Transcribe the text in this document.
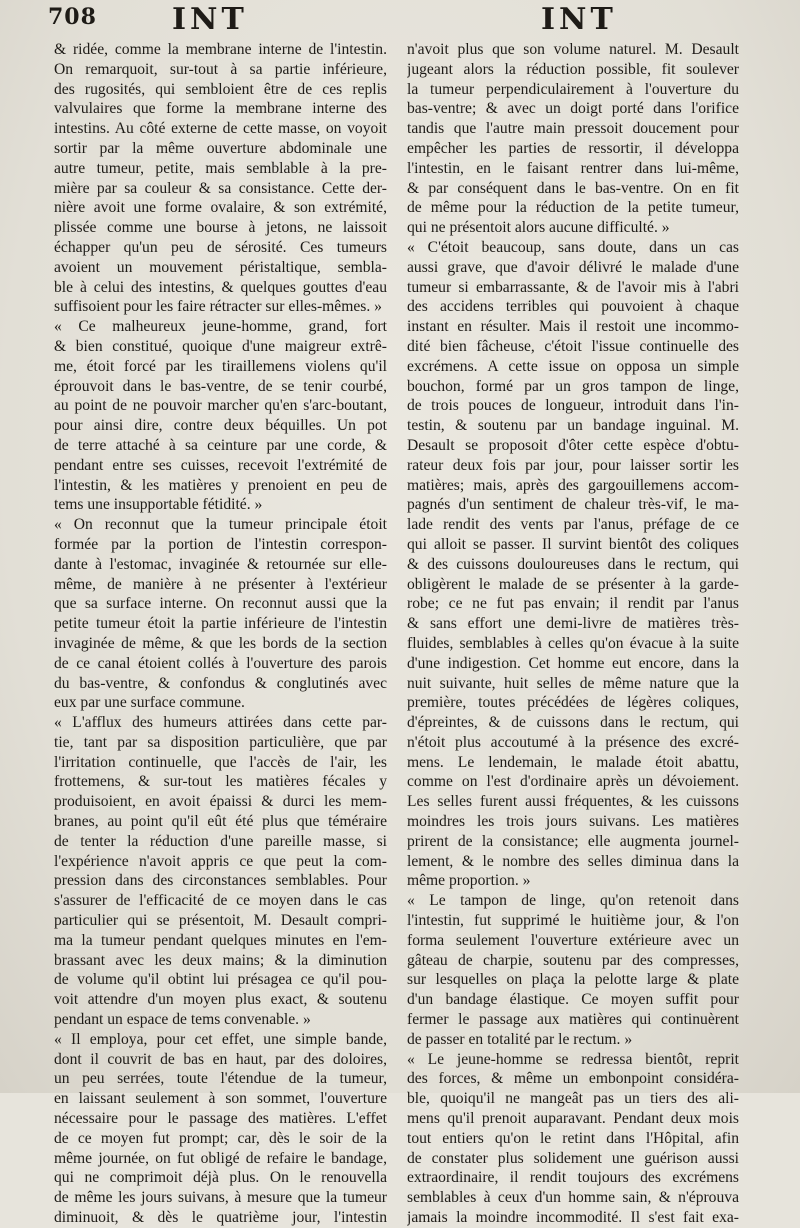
708	INT	INT
& ridée, comme la membrane interne de l'intestin.
On remarquoit, sur-tout à sa partie inférieure,
des rugosités, qui sembloient être de ces replis
valvulaires que forme la membrane interne des
intestins. Au côté externe de cette masse, on voyoit
sortir par la même ouverture abdominale une
autre tumeur, petite, mais semblable à la pre-
mière par sa couleur & sa consistance. Cette der-
nière avoit une forme ovalaire, & son extrémité,
plissée comme une bourse à jetons, ne laissoit
échapper qu'un peu de sérosité. Ces tumeurs
avoient un mouvement péristaltique, sembla-
ble à celui des intestins, & quelques gouttes d'eau
suffisoient pour les faire rétracter sur elles-mêmes. »
« Ce malheureux jeune-homme, grand, fort
& bien constitué, quoique d'une maigreur extrê-
me, étoit forcé par les tiraillemens violens qu'il
éprouvoit dans le bas-ventre, de se tenir courbé,
au point de ne pouvoir marcher qu'en s'arc-boutant,
pour ainsi dire, contre deux béquilles. Un pot
de terre attaché à sa ceinture par une corde, &
pendant entre ses cuisses, recevoit l'extrémité de
l'intestin, & les matières y prenoient en peu de
tems une insupportable fétidité. »
« On reconnut que la tumeur principale étoit
formée par la portion de l'intestin correspon-
dante à l'estomac, invaginée & retournée sur elle-
même, de manière à ne présenter à l'extérieur
que sa surface interne. On reconnut aussi que la
petite tumeur étoit la partie inférieure de l'intestin
invaginée de même, & que les bords de la section
de ce canal étoient collés à l'ouverture des parois
du bas-ventre, & confondus & conglutinés avec
eux par une surface commune.
« L'afflux des humeurs attirées dans cette par-
tie, tant par sa disposition particulière, que par
l'irritation continuelle, que l'accès de l'air, les
frottemens, & sur-tout les matières fécales y
produisoient, en avoit épaissi & durci les mem-
branes, au point qu'il eût été plus que téméraire
de tenter la réduction d'une pareille masse, si
l'expérience n'avoit appris ce que peut la com-
pression dans des circonstances semblables. Pour
s'assurer de l'efficacité de ce moyen dans le cas
particulier qui se présentoit, M. Desault compri-
ma la tumeur pendant quelques minutes en l'em-
brassant avec les deux mains; & la diminution
de volume qu'il obtint lui présagea ce qu'il pou-
voit attendre d'un moyen plus exact, & soutenu
pendant un espace de tems convenable. »
« Il employa, pour cet effet, une simple bande,
dont il couvrit de bas en haut, par des doloires,
un peu serrées, toute l'étendue de la tumeur,
en laissant seulement à son sommet, l'ouverture
nécessaire pour le passage des matières. L'effet
de ce moyen fut prompt; car, dès le soir de la
même journée, on fut obligé de refaire le bandage,
qui ne comprimoit déjà plus. On le renouvella
de même les jours suivans, à mesure que la tumeur
diminuoit, & dès le quatrième jour, l'intestin
n'avoit plus que son volume naturel. M. Desault
jugeant alors la réduction possible, fit soulever
la tumeur perpendiculairement à l'ouverture du
bas-ventre; & avec un doigt porté dans l'orifice
tandis que l'autre main pressoit doucement pour
empêcher les parties de ressortir, il développa
l'intestin, en le faisant rentrer dans lui-même,
& par conséquent dans le bas-ventre. On en fit
de même pour la réduction de la petite tumeur,
qui ne présentoit alors aucune difficulté. »
« C'étoit beaucoup, sans doute, dans un cas
aussi grave, que d'avoir délivré le malade d'une
tumeur si embarrassante, & de l'avoir mis à l'abri
des accidens terribles qui pouvoient à chaque
instant en résulter. Mais il restoit une incommo-
dité bien fâcheuse, c'étoit l'issue continuelle des
excrémens. A cette issue on opposa un simple
bouchon, formé par un gros tampon de linge,
de trois pouces de longueur, introduit dans l'in-
testin, & soutenu par un bandage inguinal. M.
Desault se proposoit d'ôter cette espèce d'obtu-
rateur deux fois par jour, pour laisser sortir les
matières; mais, après des gargouillemens accom-
pagnés d'un sentiment de chaleur très-vif, le ma-
lade rendit des vents par l'anus, préfage de ce
qui alloit se passer. Il survint bientôt des coliques
& des cuissons douloureuses dans le rectum, qui
obligèrent le malade de se présenter à la garde-
robe; ce ne fut pas envain; il rendit par l'anus
& sans effort une demi-livre de matières très-
fluides, semblables à celles qu'on évacue à la suite
d'une indigestion. Cet homme eut encore, dans la
nuit suivante, huit selles de même nature que la
première, toutes précédées de légères coliques,
d'épreintes, & de cuissons dans le rectum, qui
n'étoit plus accoutumé à la présence des excré-
mens. Le lendemain, le malade étoit abattu,
comme on l'est d'ordinaire après un dévoiement.
Les selles furent aussi fréquentes, & les cuissons
moindres les trois jours suivans. Les matières
prirent de la consistance; elle augmenta journel-
lement, & le nombre des selles diminua dans la
même proportion. »
« Le tampon de linge, qu'on retenoit dans
l'intestin, fut supprimé le huitième jour, & l'on
forma seulement l'ouverture extérieure avec un
gâteau de charpie, soutenu par des compresses,
sur lesquelles on plaça la pelotte large & plate
d'un bandage élastique. Ce moyen suffit pour
fermer le passage aux matières qui continuèrent
de passer en totalité par le rectum. »
« Le jeune-homme se redressa bientôt, reprit
des forces, & même un embonpoint considéra-
ble, quoiqu'il ne mangeât pas un tiers des ali-
mens qu'il prenoit auparavant. Pendant deux mois
tout entiers qu'on le retint dans l'Hôpital, afin
de constater plus solidement une guérison aussi
extraordinaire, il rendit toujours des excrémens
semblables à ceux d'un homme sain, & n'éprouva
jamais la moindre incommodité. Il s'est fait exa-
